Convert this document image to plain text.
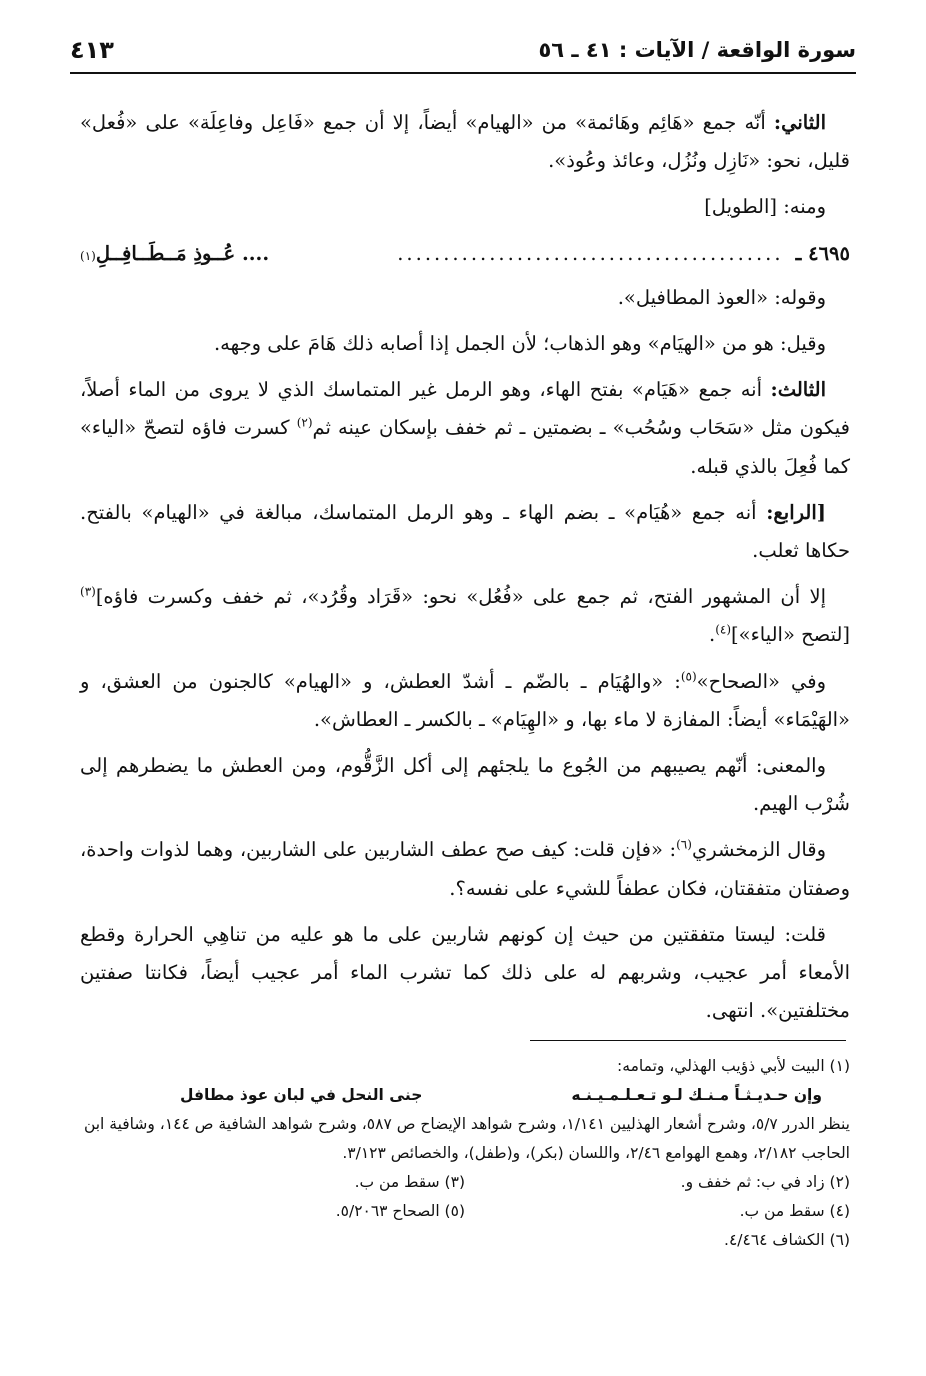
٤١٣	سورة الواقعة / الآيات : ٤١ ـ ٥٦

الثاني: أنّه جمع «هَائِم وهَائمة» من «الهيام» أيضاً، إلا أن جمع «فَاعِل وفاعِلَة» على «فُعل» قليل، نحو: «نَازِل ونُزُل، وعائذ وعُوذ».

ومنه: [الطويل]

٤٦٩٥ ـ
..........................................
.... عُــوذِ مَــطَــافِــلِ
(١)

وقوله: «العوذ المطافيل».

وقيل: هو من «الهيَام» وهو الذهاب؛ لأن الجمل إذا أصابه ذلك هَامَ على وجهه.

الثالث: أنه جمع «هَيَام» بفتح الهاء، وهو الرمل غير المتماسك الذي لا يروى من الماء أصلاً، فيكون مثل «سَحَاب وسُحُب» ـ بضمتين ـ ثم خفف بإسكان عينه ثم$^{(٢)}$ كسرت فاؤه لتصحّ «الياء» كما فُعِلَ بالذي قبله.

[الرابع: أنه جمع «هُيَام» ـ بضم الهاء ـ وهو الرمل المتماسك، مبالغة في «الهيام» بالفتح. حكاها ثعلب.

إلا أن المشهور الفتح، ثم جمع على «فُعُل» نحو: «قَرَاد وقُرُد»، ثم خفف وكسرت فاؤه]$^{(٣)}$ [لتصح «الياء»]$^{(٤)}$.

وفي «الصحاح»$^{(٥)}$: «والهُيَام ـ بالضّم ـ أشدّ العطش، و «الهيام» كالجنون من العشق، و «الهَيْمَاء» أيضاً: المفازة لا ماء بها، و «الهِيَام» ـ بالكسر ـ العطاش».

والمعنى: أنّهم يصيبهم من الجُوع ما يلجئهم إلى أكل الزَّقُّوم، ومن العطش ما يضطرهم إلى شُرْب الهيم.

وقال الزمخشري$^{(٦)}$: «فإن قلت: كيف صح عطف الشاربين على الشاربين، وهما لذوات واحدة، وصفتان متفقتان، فكان عطفاً للشيء على نفسه؟.

قلت: ليستا متفقتين من حيث إن كونهم شاربين على ما هو عليه من تناهِي الحرارة وقطع الأمعاء أمر عجيب، وشربهم له على ذلك كما تشرب الماء أمر عجيب أيضاً، فكانتا صفتين مختلفتين». انتهى.

(١) البيت لأبي ذؤيب الهذلي، وتمامه:

وإن حـديـثـاً مـنـك لـو تـعـلـمـيـنـه
جنى النحل في لبان عوذ مطافل

ينظر الدرر ٥/٧، وشرح أشعار الهذليين ١/١٤١، وشرح شواهد الإيضاح ص ٥٨٧، وشرح شواهد الشافية ص ١٤٤، وشافية ابن الحاجب ٢/١٨٢، وهمع الهوامع ٢/٤٦، واللسان (بكر)، و(طفل)، والخصائص ٣/١٢٣.

(٢) زاد في ب: ثم خفف و.
(٣) سقط من ب.
(٤) سقط من ب.
(٥) الصحاح ٥/٢٠٦٣.

(٦) الكشاف ٤/٤٦٤.
